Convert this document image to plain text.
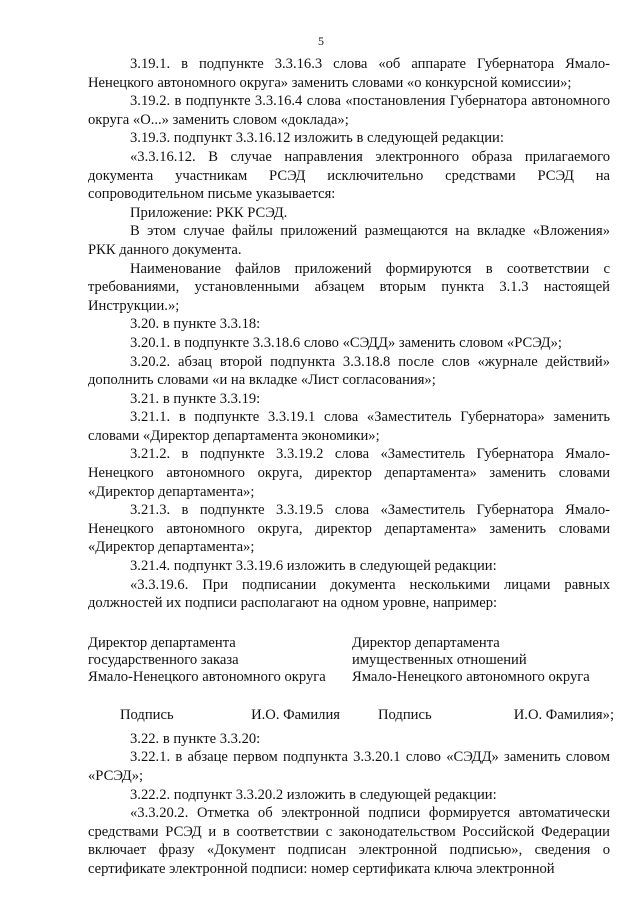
5

3.19.1. в подпункте 3.3.16.3 слова «об аппарате Губернатора Ямало-Ненецкого автономного округа» заменить словами «о конкурсной комиссии»;

3.19.2. в подпункте 3.3.16.4 слова «постановления Губернатора автономного округа «О...» заменить словом «доклада»;

3.19.3. подпункт 3.3.16.12 изложить в следующей редакции:

«3.3.16.12. В случае направления электронного образа прилагаемого документа участникам РСЭД исключительно средствами РСЭД на сопроводительном письме указывается:

Приложение: РКК РСЭД.

В этом случае файлы приложений размещаются на вкладке «Вложения» РКК данного документа.

Наименование файлов приложений формируются в соответствии с требованиями, установленными абзацем вторым пункта 3.1.3 настоящей Инструкции.»;

3.20. в пункте 3.3.18:

3.20.1. в подпункте 3.3.18.6 слово «СЭДД» заменить словом «РСЭД»;

3.20.2. абзац второй подпункта 3.3.18.8 после слов «журнале действий» дополнить словами «и на вкладке «Лист согласования»;

3.21. в пункте 3.3.19:

3.21.1. в подпункте 3.3.19.1 слова «Заместитель Губернатора» заменить словами «Директор департамента экономики»;

3.21.2. в подпункте 3.3.19.2 слова «Заместитель Губернатора Ямало-Ненецкого автономного округа, директор департамента» заменить словами «Директор департамента»;

3.21.3. в подпункте 3.3.19.5 слова «Заместитель Губернатора Ямало-Ненецкого автономного округа, директор департамента» заменить словами «Директор департамента»;

3.21.4. подпункт 3.3.19.6 изложить в следующей редакции:

«3.3.19.6. При подписании документа несколькими лицами равных должностей их подписи располагают на одном уровне, например:

Директор департамента
государственного заказа
Ямало-Ненецкого автономного округа
Директор департамента
имущественных отношений
Ямало-Ненецкого автономного округа
Подпись	И.О. Фамилия	Подпись	И.О. Фамилия»;

3.22. в пункте 3.3.20:

3.22.1. в абзаце первом подпункта 3.3.20.1 слово «СЭДД» заменить словом «РСЭД»;

3.22.2. подпункт 3.3.20.2 изложить в следующей редакции:

«3.3.20.2. Отметка об электронной подписи формируется автоматически средствами РСЭД и в соответствии с законодательством Российской Федерации включает фразу «Документ подписан электронной подписью», сведения о сертификате электронной подписи: номер сертификата ключа электронной
